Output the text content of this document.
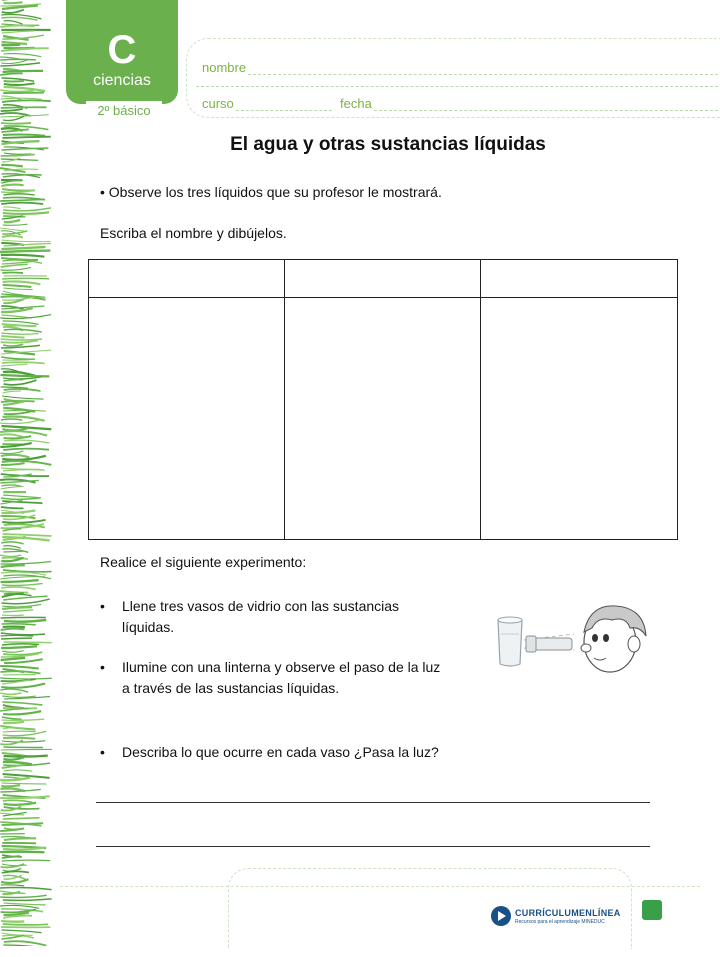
C
ciencias
2º básico
nombre
curso	fecha
El agua y otras sustancias líquidas
• Observe los tres líquidos que su profesor le mostrará.
Escriba el nombre y dibújelos.
Realice el siguiente experimento:
• Llene tres vasos de vidrio con las sustancias
líquidas.
• Ilumine con una linterna y observe el paso de la luz
a través de las sustancias líquidas.
• Describa lo que ocurre en cada vaso ¿Pasa la luz?
CURRÍCULUMENLÍNEA
Recursos para el aprendizaje MINEDUC
